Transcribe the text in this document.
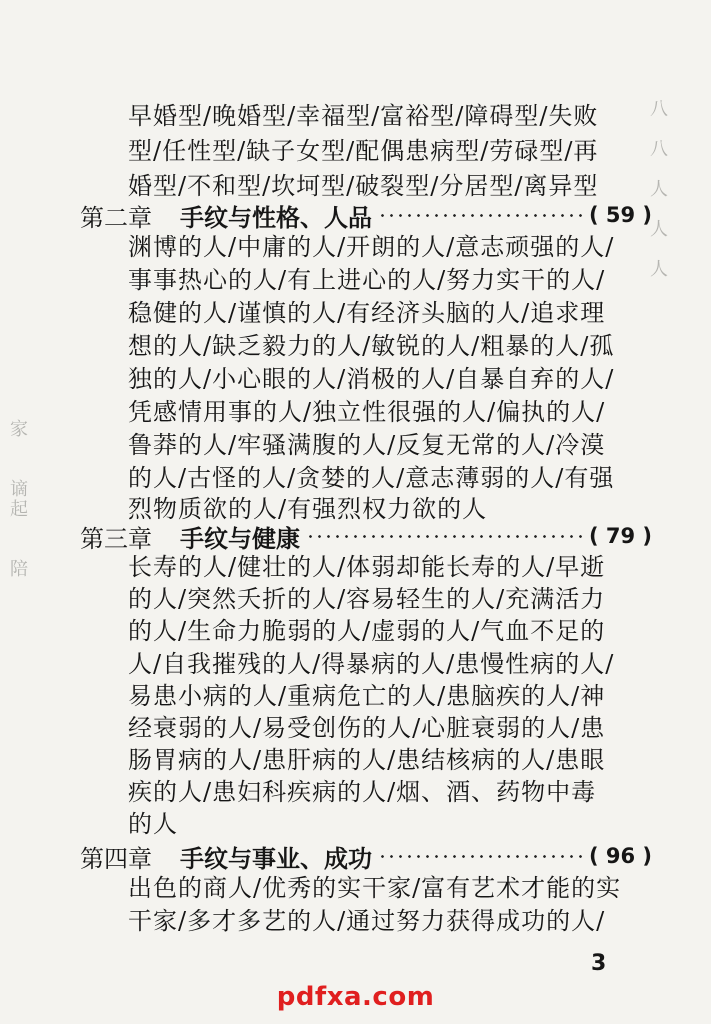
家

谪
起

陪
八

八

人

人

人
早婚型/晚婚型/幸福型/富裕型/障碍型/失败
型/任性型/缺子女型/配偶患病型/劳碌型/再
婚型/不和型/坎坷型/破裂型/分居型/离异型
第二章	手纹与性格、人品	( 59 )
渊博的人/中庸的人/开朗的人/意志顽强的人/
事事热心的人/有上进心的人/努力实干的人/
稳健的人/谨慎的人/有经济头脑的人/追求理
想的人/缺乏毅力的人/敏锐的人/粗暴的人/孤
独的人/小心眼的人/消极的人/自暴自弃的人/
凭感情用事的人/独立性很强的人/偏执的人/
鲁莽的人/牢骚满腹的人/反复无常的人/冷漠
的人/古怪的人/贪婪的人/意志薄弱的人/有强
烈物质欲的人/有强烈权力欲的人
第三章	手纹与健康	( 79 )
长寿的人/健壮的人/体弱却能长寿的人/早逝
的人/突然夭折的人/容易轻生的人/充满活力
的人/生命力脆弱的人/虚弱的人/气血不足的
人/自我摧残的人/得暴病的人/患慢性病的人/
易患小病的人/重病危亡的人/患脑疾的人/神
经衰弱的人/易受创伤的人/心脏衰弱的人/患
肠胃病的人/患肝病的人/患结核病的人/患眼
疾的人/患妇科疾病的人/烟、酒、药物中毒
的人
第四章	手纹与事业、成功	( 96 )
出色的商人/优秀的实干家/富有艺术才能的实
干家/多才多艺的人/通过努力获得成功的人/
3
pdfxa.com
